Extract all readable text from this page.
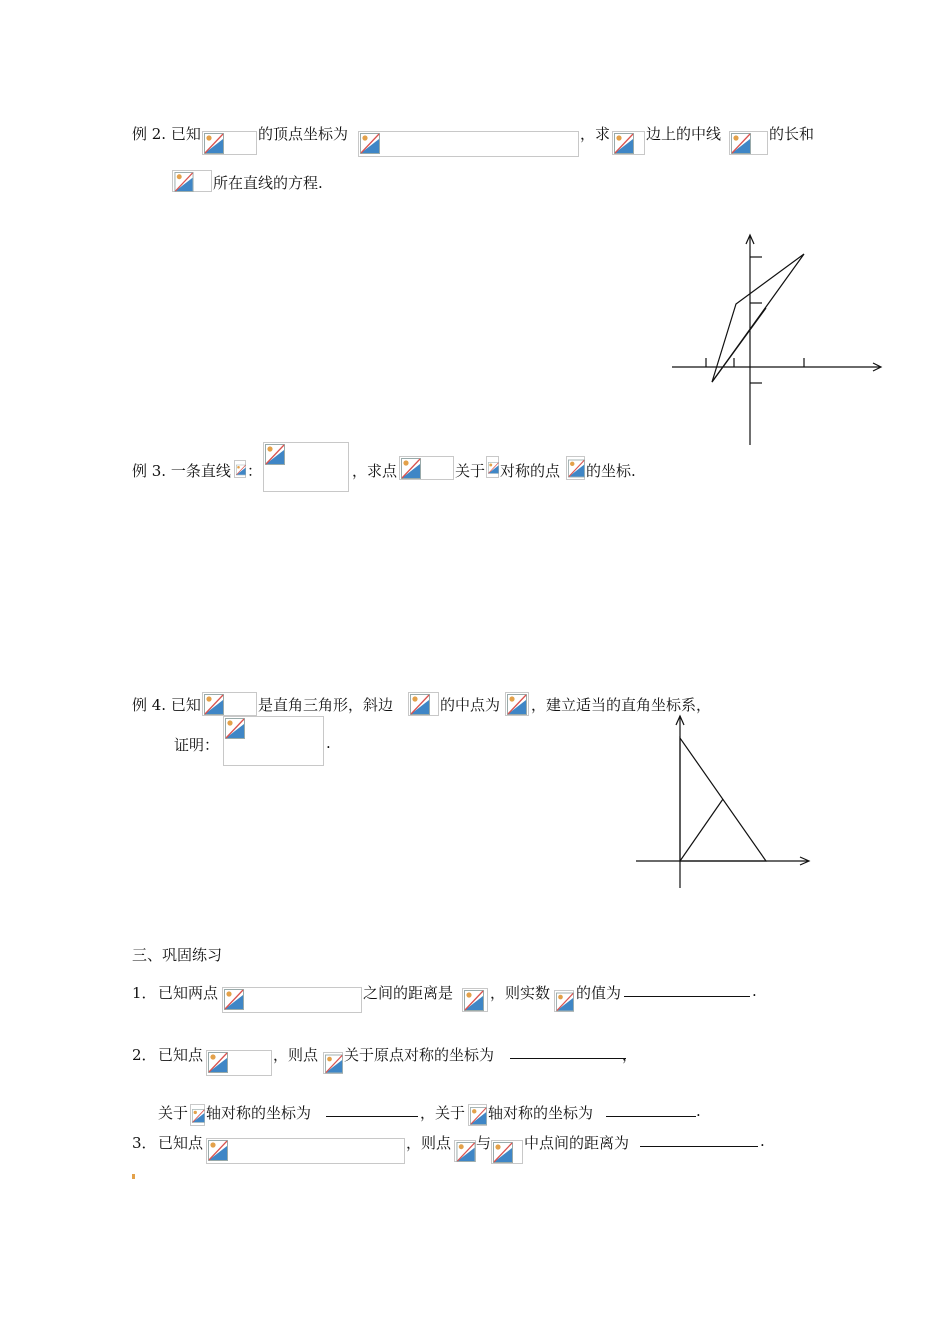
例 2. 已知	的顶点坐标为	，求 边上的中线	的长和
所在直线的方程.
例 3. 一条直线 ：	，求点	关于 对称的点 的坐标.
例 4. 已知	是直角三角形，斜边	的中点为 ，建立适当的直角坐标系，
证明：	.
三、巩固练习
1． 已知两点	之间的距离是 ，则实数 的值为	.
2． 已知点	，则点 关于原点对称的坐标为	，
关于 轴对称的坐标为	，关于 轴对称的坐标为	.
3． 已知点	，则点 与 中点间的距离为	.
